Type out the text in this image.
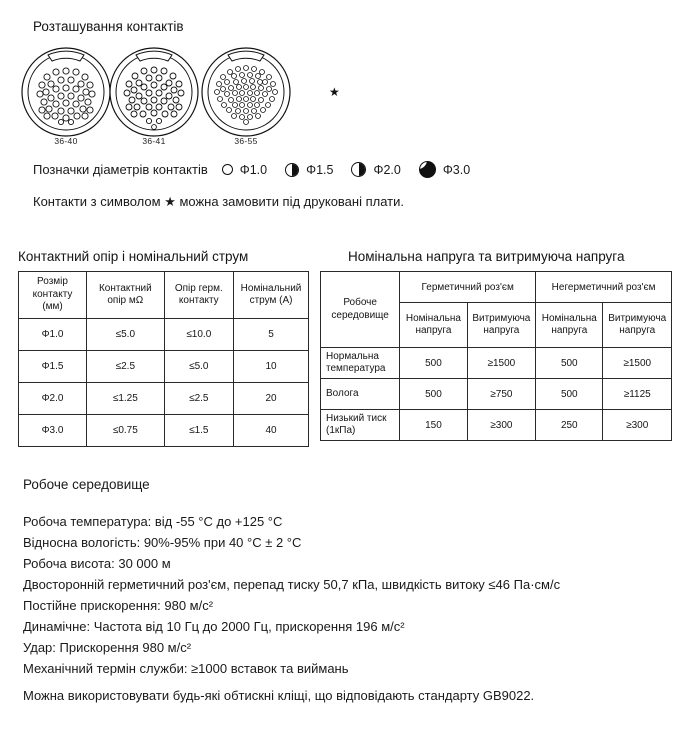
Розташування контактів
36-40	36-41	36-55
★
Позначки діаметрів контактів	Φ1.0	Φ1.5	Φ2.0	Φ3.0
Контакти з символом ★ можна замовити під друковані плати.
Контактний опір і номінальний струм
Розмір контакту (мм)	Контактний опір мΩ	Опір герм. контакту	Номінальний струм (A)
Φ1.0	≤5.0	≤10.0	5
Φ1.5	≤2.5	≤5.0	10
Φ2.0	≤1.25	≤2.5	20
Φ3.0	≤0.75	≤1.5	40
Номінальна напруга та витримуюча напруга
Робоче середовище	Герметичний роз'єм		Негерметичний роз'єм	
	Номінальна напруга	Витримуюча напруга	Номінальна напруга	Витримуюча напруга
Нормальна температура	500	≥1500	500	≥1500
Волога	500	≥750	500	≥1125
Низький тиск (1кПа)	150	≥300	250	≥300
Робоче середовище
Робоча температура: від -55 °C до +125 °C
Відносна вологість: 90%-95% при 40 °C ± 2 °C
Робоча висота: 30 000 м
Двосторонній герметичний роз'єм, перепад тиску 50,7 кПа, швидкість витоку ≤46 Па·см/с
Постійне прискорення: 980 м/с²
Динамічне: Частота від 10 Гц до 2000 Гц, прискорення 196 м/с²
Удар: Прискорення 980 м/с²
Механічний термін служби: ≥1000 вставок та виймань
Можна використовувати будь-які обтискні кліщі, що відповідають стандарту GB9022.
